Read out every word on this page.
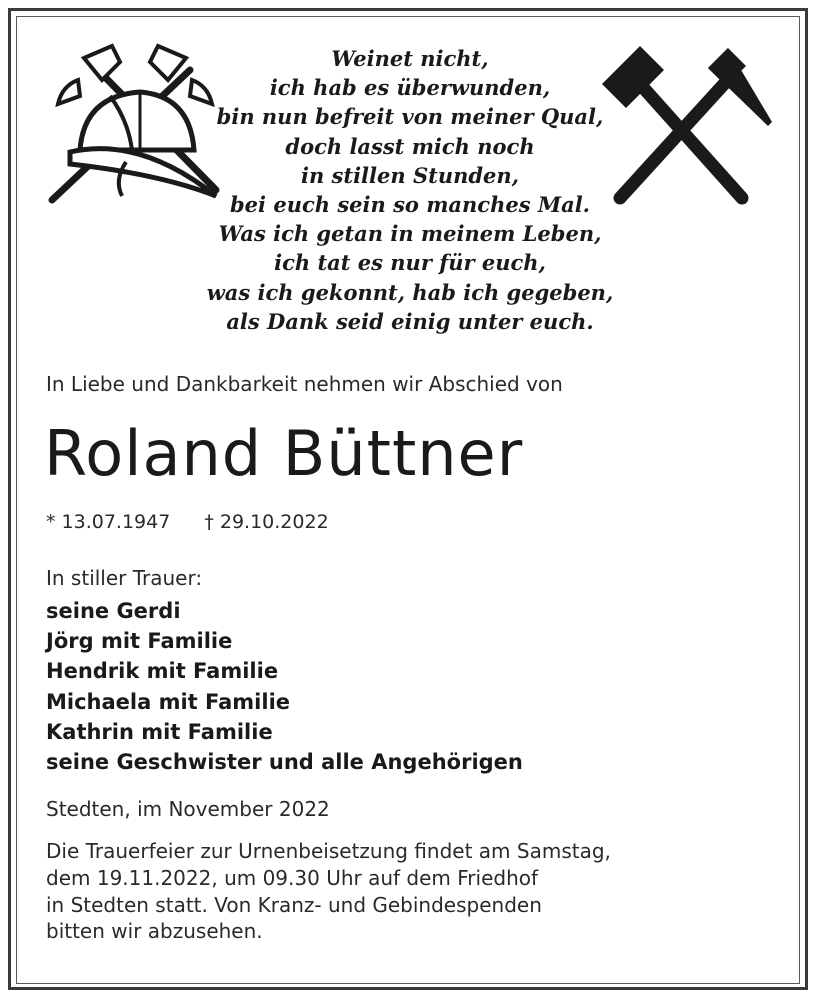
Weinet nicht,
ich hab es überwunden,
bin nun befreit von meiner Qual,
doch lasst mich noch
in stillen Stunden,
bei euch sein so manches Mal.
Was ich getan in meinem Leben,
ich tat es nur für euch,
was ich gekonnt, hab ich gegeben,
als Dank seid einig unter euch.
In Liebe und Dankbarkeit nehmen wir Abschied von
Roland Büttner
* 13.07.1947 † 29.10.2022
In stiller Trauer:
seine Gerdi
Jörg mit Familie
Hendrik mit Familie
Michaela mit Familie
Kathrin mit Familie
seine Geschwister und alle Angehörigen
Stedten, im November 2022
Die Trauerfeier zur Urnenbeisetzung findet am Samstag,
dem 19.11.2022, um 09.30 Uhr auf dem Friedhof
in Stedten statt. Von Kranz- und Gebindespenden
bitten wir abzusehen.
